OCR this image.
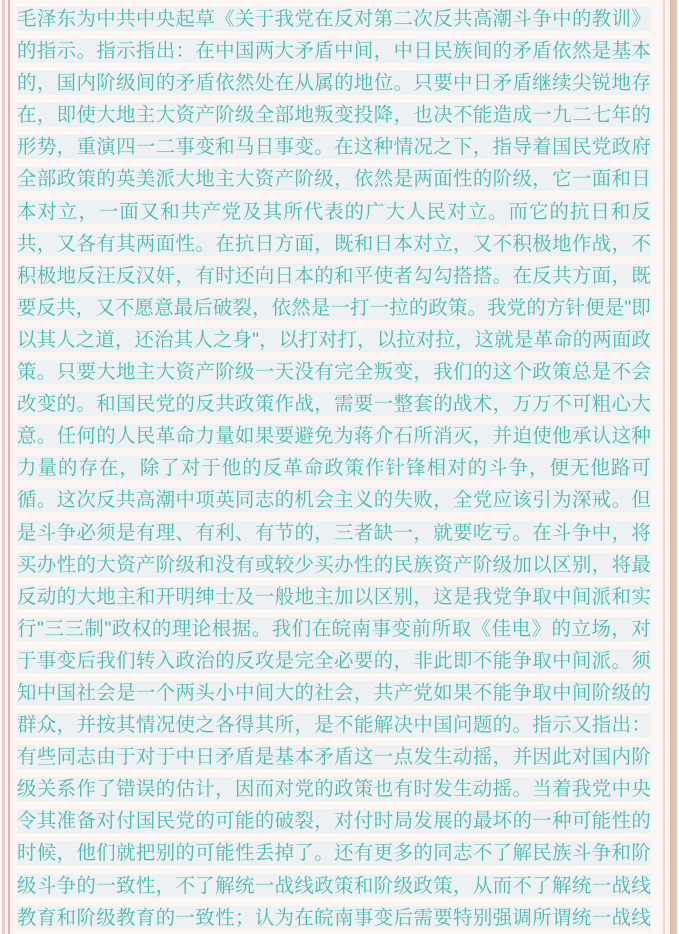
毛泽东为中共中央起草《关于我党在反对第二次反共高潮斗争中的教训》
的指示。指示指出：在中国两大矛盾中间，中日民族间的矛盾依然是基本
的，国内阶级间的矛盾依然处在从属的地位。只要中日矛盾继续尖锐地存
在，即使大地主大资产阶级全部地叛变投降，也决不能造成一九二七年的
形势，重演四一二事变和马日事变。在这种情况之下，指导着国民党政府
全部政策的英美派大地主大资产阶级，依然是两面性的阶级，它一面和日
本对立，一面又和共产党及其所代表的广大人民对立。而它的抗日和反
共，又各有其两面性。在抗日方面，既和日本对立，又不积极地作战，不
积极地反汪反汉奸，有时还向日本的和平使者勾勾搭搭。在反共方面，既
要反共，又不愿意最后破裂，依然是一打一拉的政策。我党的方针便是"即
以其人之道，还治其人之身"，以打对打，以拉对拉，这就是革命的两面政
策。只要大地主大资产阶级一天没有完全叛变，我们的这个政策总是不会
改变的。和国民党的反共政策作战，需要一整套的战术，万万不可粗心大
意。任何的人民革命力量如果要避免为蒋介石所消灭，并迫使他承认这种
力量的存在，除了对于他的反革命政策作针锋相对的斗争，便无他路可
循。这次反共高潮中项英同志的机会主义的失败，全党应该引为深戒。但
是斗争必须是有理、有利、有节的，三者缺一，就要吃亏。在斗争中，将
买办性的大资产阶级和没有或较少买办性的民族资产阶级加以区别，将最
反动的大地主和开明绅士及一般地主加以区别，这是我党争取中间派和实
行"三三制"政权的理论根据。我们在皖南事变前所取《佳电》的立场，对
于事变后我们转入政治的反攻是完全必要的，非此即不能争取中间派。须
知中国社会是一个两头小中间大的社会，共产党如果不能争取中间阶级的
群众，并按其情况使之各得其所，是不能解决中国问题的。指示又指出：
有些同志由于对于中日矛盾是基本矛盾这一点发生动摇，并因此对国内阶
级关系作了错误的估计，因而对党的政策也有时发生动摇。当着我党中央
令其准备对付国民党的可能的破裂，对付时局发展的最坏的一种可能性的
时候，他们就把别的可能性丢掉了。还有更多的同志不了解民族斗争和阶
级斗争的一致性，不了解统一战线政策和阶级政策，从而不了解统一战线
教育和阶级教育的一致性；认为在皖南事变后需要特别强调所谓统一战线
